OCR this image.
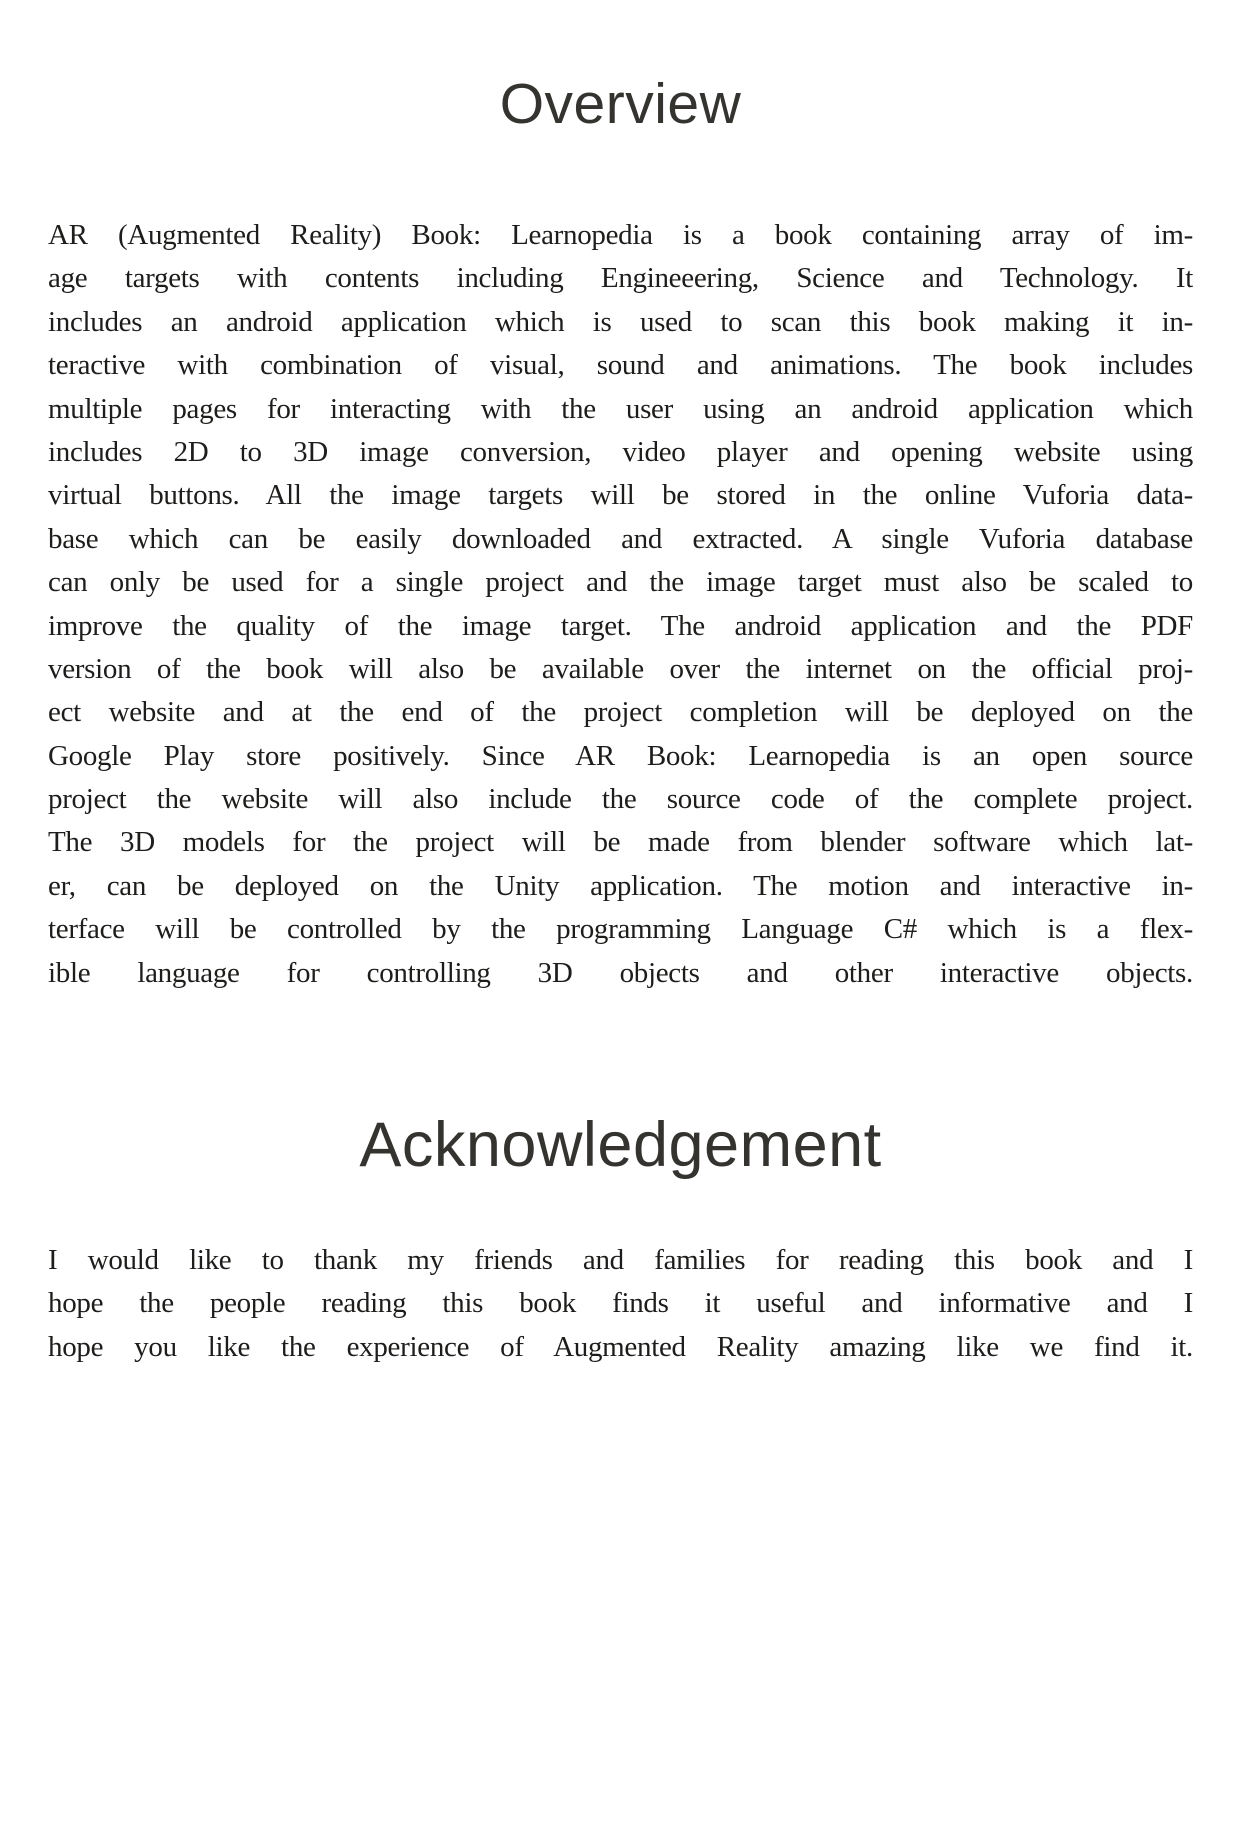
Overview
AR (Augmented Reality) Book: Learnopedia is a book containing array of im-
age targets with contents including Engineeering, Science and Technology. It
includes an android application which is used to scan this book making it in-
teractive with combination of visual, sound and animations. The book includes
multiple pages for interacting with the user using an android application which
includes 2D to 3D image conversion, video player and opening website using
virtual buttons. All the image targets will be stored in the online Vuforia data-
base which can be easily downloaded and extracted. A single Vuforia database
can only be used for a single project and the image target must also be scaled to
improve the quality of the image target. The android application and the PDF
version of the book will also be available over the internet on the official proj-
ect website and at the end of the project completion will be deployed on the
Google Play store positively. Since AR Book: Learnopedia is an open source
project the website will also include the source code of the complete project.
The 3D models for the project will be made from blender software which lat-
er, can be deployed on the Unity application. The motion and interactive in-
terface will be controlled by the programming Language C# which is a flex-
ible language for controlling 3D objects and other interactive objects.
Acknowledgement
I would like to thank my friends and families for reading this book and I
hope the people reading this book finds it useful and informative and I
hope you like the experience of Augmented Reality amazing like we find it.
